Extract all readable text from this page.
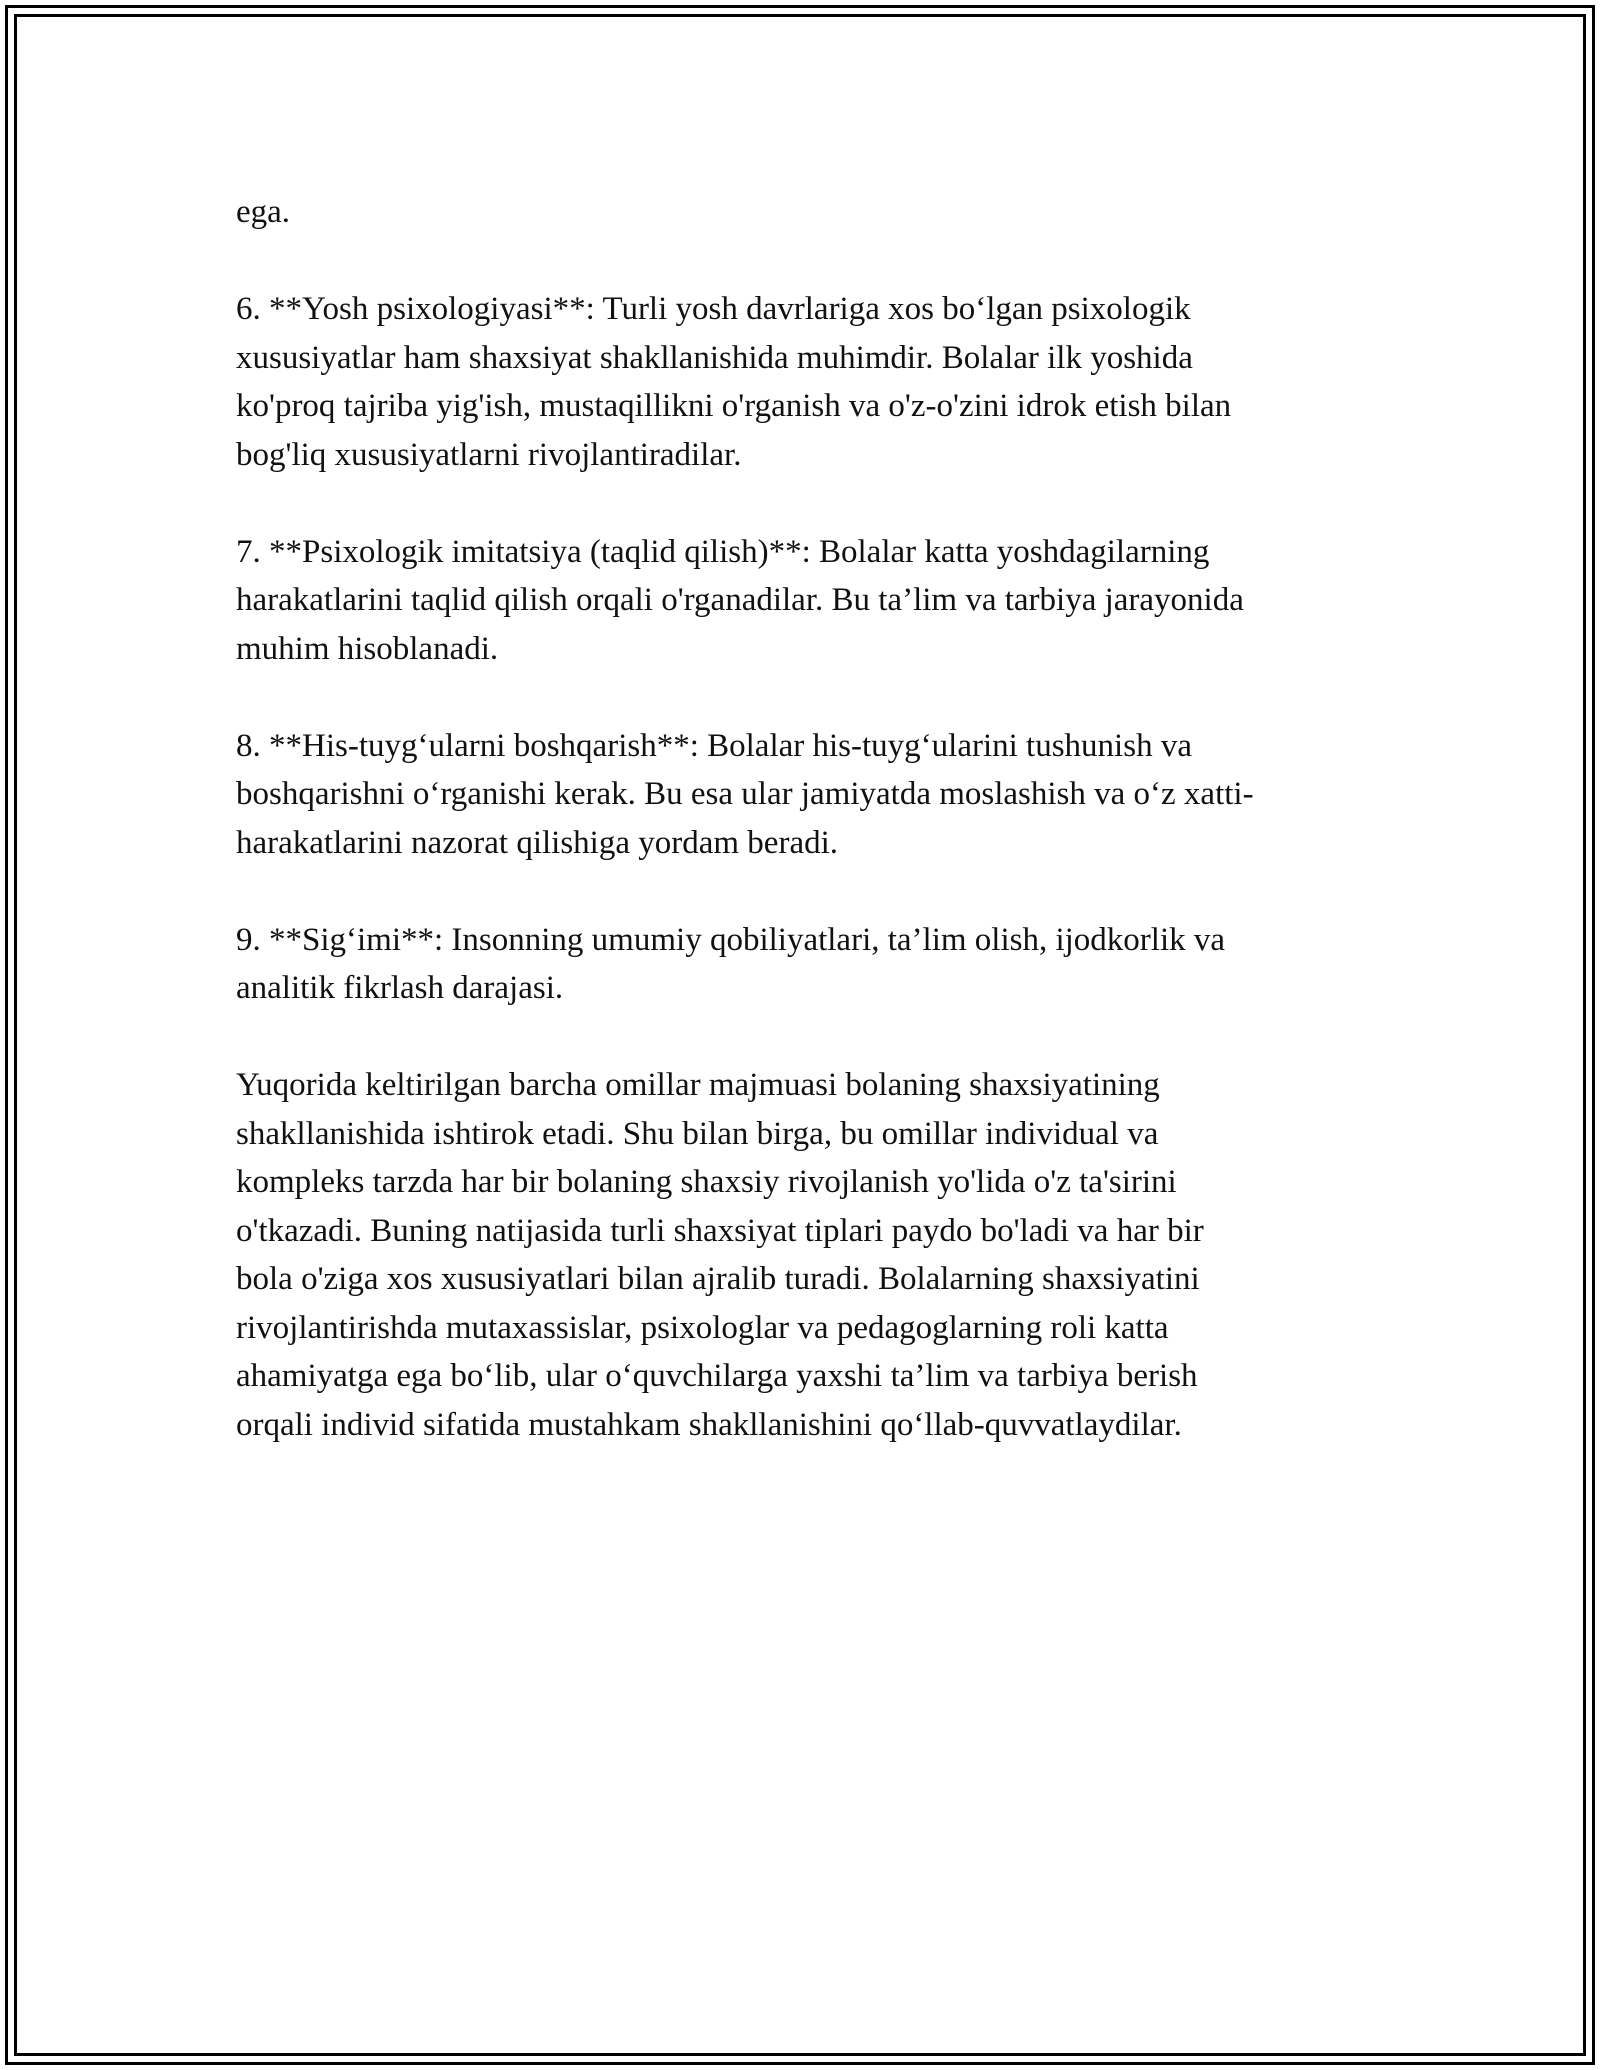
ega.

6. **Yosh psixologiyasi**: Turli yosh davrlariga xos bo‘lgan psixologik
xususiyatlar ham shaxsiyat shakllanishida muhimdir. Bolalar ilk yoshida
ko'proq tajriba yig'ish, mustaqillikni o'rganish va o'z-o'zini idrok etish bilan
bog'liq xususiyatlarni rivojlantiradilar.

7. **Psixologik imitatsiya (taqlid qilish)**: Bolalar katta yoshdagilarning
harakatlarini taqlid qilish orqali o'rganadilar. Bu ta’lim va tarbiya jarayonida
muhim hisoblanadi.

8. **His-tuyg‘ularni boshqarish**: Bolalar his-tuyg‘ularini tushunish va
boshqarishni o‘rganishi kerak. Bu esa ular jamiyatda moslashish va o‘z xatti-
harakatlarini nazorat qilishiga yordam beradi.

9. **Sig‘imi**: Insonning umumiy qobiliyatlari, ta’lim olish, ijodkorlik va
analitik fikrlash darajasi.

Yuqorida keltirilgan barcha omillar majmuasi bolaning shaxsiyatining
shakllanishida ishtirok etadi. Shu bilan birga, bu omillar individual va
kompleks tarzda har bir bolaning shaxsiy rivojlanish yo'lida o'z ta'sirini
o'tkazadi. Buning natijasida turli shaxsiyat tiplari paydo bo'ladi va har bir
bola o'ziga xos xususiyatlari bilan ajralib turadi. Bolalarning shaxsiyatini
rivojlantirishda mutaxassislar, psixologlar va pedagoglarning roli katta
ahamiyatga ega bo‘lib, ular o‘quvchilarga yaxshi ta’lim va tarbiya berish
orqali individ sifatida mustahkam shakllanishini qo‘llab-quvvatlaydilar.
